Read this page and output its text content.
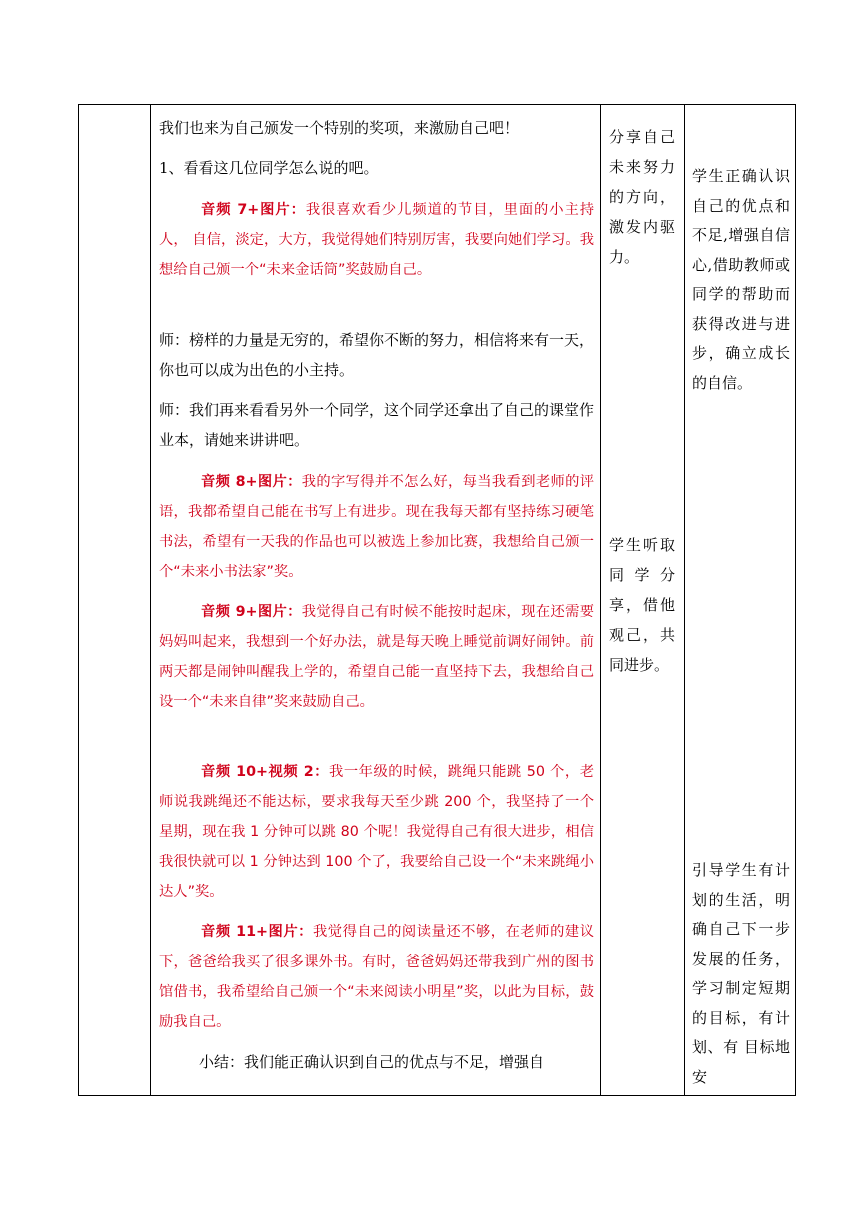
我们也来为自己颁发一个特别的奖项，来激励自己吧！

1、看看这几位同学怎么说的吧。

音频 7+图片：我很喜欢看少儿频道的节目，里面的小主持人， 自信，淡定，大方，我觉得她们特别厉害，我要向她们学习。我想给自己颁一个“未来金话筒”奖鼓励自己。

师：榜样的力量是无穷的，希望你不断的努力，相信将来有一天，你也可以成为出色的小主持。

师：我们再来看看另外一个同学，这个同学还拿出了自己的课堂作业本，请她来讲讲吧。

音频 8+图片：我的字写得并不怎么好，每当我看到老师的评语，我都希望自己能在书写上有进步。现在我每天都有坚持练习硬笔书法，希望有一天我的作品也可以被选上参加比赛，我想给自己颁一个“未来小书法家”奖。

音频 9+图片：我觉得自己有时候不能按时起床，现在还需要妈妈叫起来，我想到一个好办法，就是每天晚上睡觉前调好闹钟。前两天都是闹钟叫醒我上学的，希望自己能一直坚持下去，我想给自己设一个“未来自律”奖来鼓励自己。

音频 10+视频 2：我一年级的时候，跳绳只能跳 50 个，老师说我跳绳还不能达标，要求我每天至少跳 200 个，我坚持了一个星期，现在我 1 分钟可以跳 80 个呢！我觉得自己有很大进步，相信我很快就可以 1 分钟达到 100 个了，我要给自己设一个“未来跳绳小达人”奖。

音频 11+图片：我觉得自己的阅读量还不够，在老师的建议下，爸爸给我买了很多课外书。有时，爸爸妈妈还带我到广州的图书馆借书，我希望给自己颁一个“未来阅读小明星”奖，以此为目标，鼓励我自己。

小结：我们能正确认识到自己的优点与不足，增强自

分享自己未来努力的方向，激发内驱力。

学生听取同学分享，借他观己，共同进步。

学生正确认识自己的优点和不足,增强自信心,借助教师或同学的帮助而获得改进与进步，确立成长的自信。

引导学生有计划的生活，明确自己下一步发展的任务，学习制定短期的目标，有计划、有 目标地安
